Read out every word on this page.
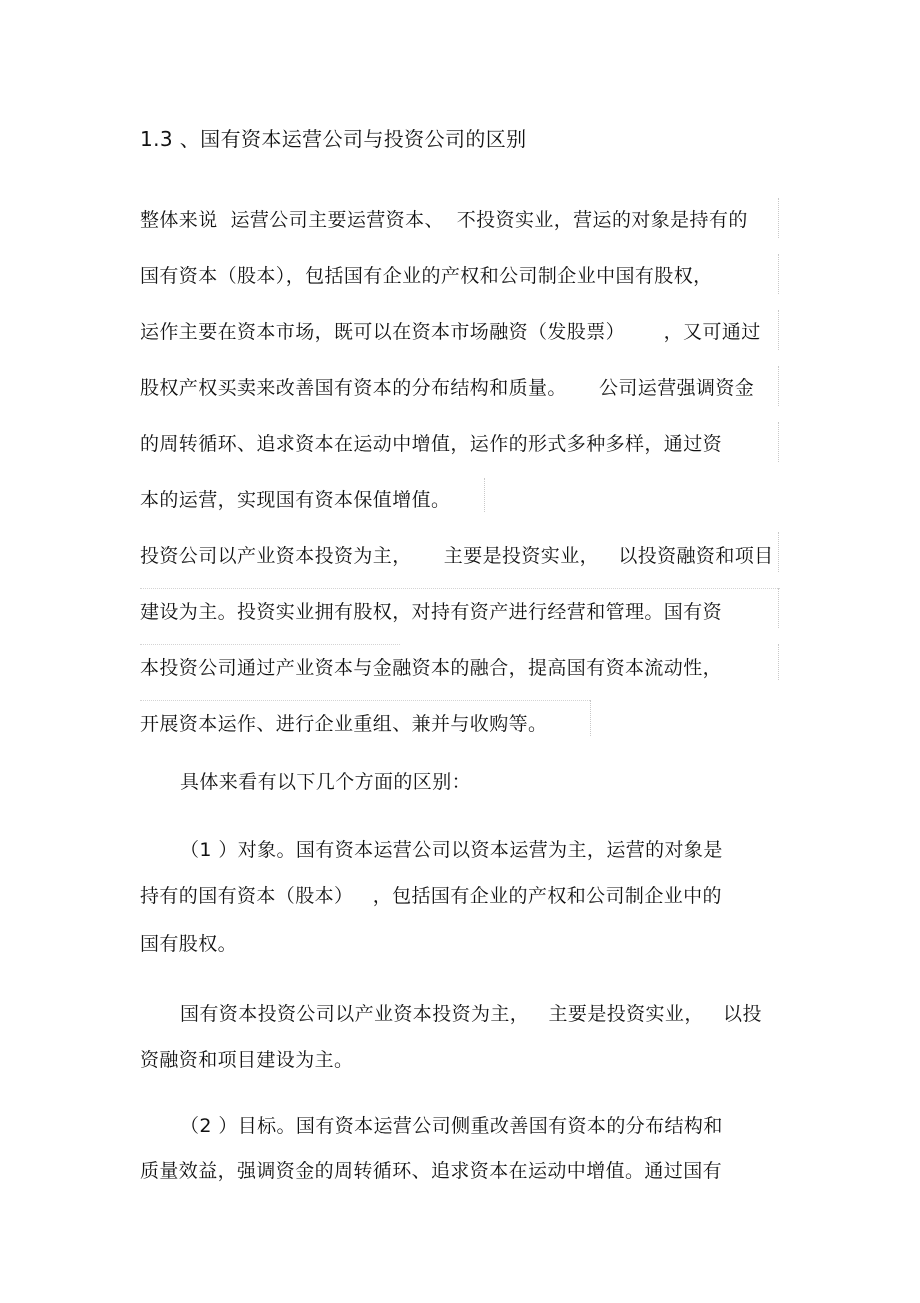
1.3 、国有资本运营公司与投资公司的区别
整体来说  运营公司主要运营资本、  不投资实业，营运的对象是持有的
国有资本（股本），包括国有企业的产权和公司制企业中国有股权，
运作主要在资本市场，既可以在资本市场融资（发股票）      ，又可通过
股权产权买卖来改善国有资本的分布结构和质量。     公司运营强调资金
的周转循环、追求资本在运动中增值，运作的形式多种多样，通过资
本的运营，实现国有资本保值增值。
投资公司以产业资本投资为主，     主要是投资实业，   以投资融资和项目
建设为主。投资实业拥有股权，对持有资产进行经营和管理。国有资
本投资公司通过产业资本与金融资本的融合，提高国有资本流动性，
开展资本运作、进行企业重组、兼并与收购等。
具体来看有以下几个方面的区别：
（1 ）对象。国有资本运营公司以资本运营为主，运营的对象是
持有的国有资本（股本）   ，包括国有企业的产权和公司制企业中的
国有股权。
国有资本投资公司以产业资本投资为主，   主要是投资实业，   以投
资融资和项目建设为主。
（2 ）目标。国有资本运营公司侧重改善国有资本的分布结构和
质量效益，强调资金的周转循环、追求资本在运动中增值。通过国有
